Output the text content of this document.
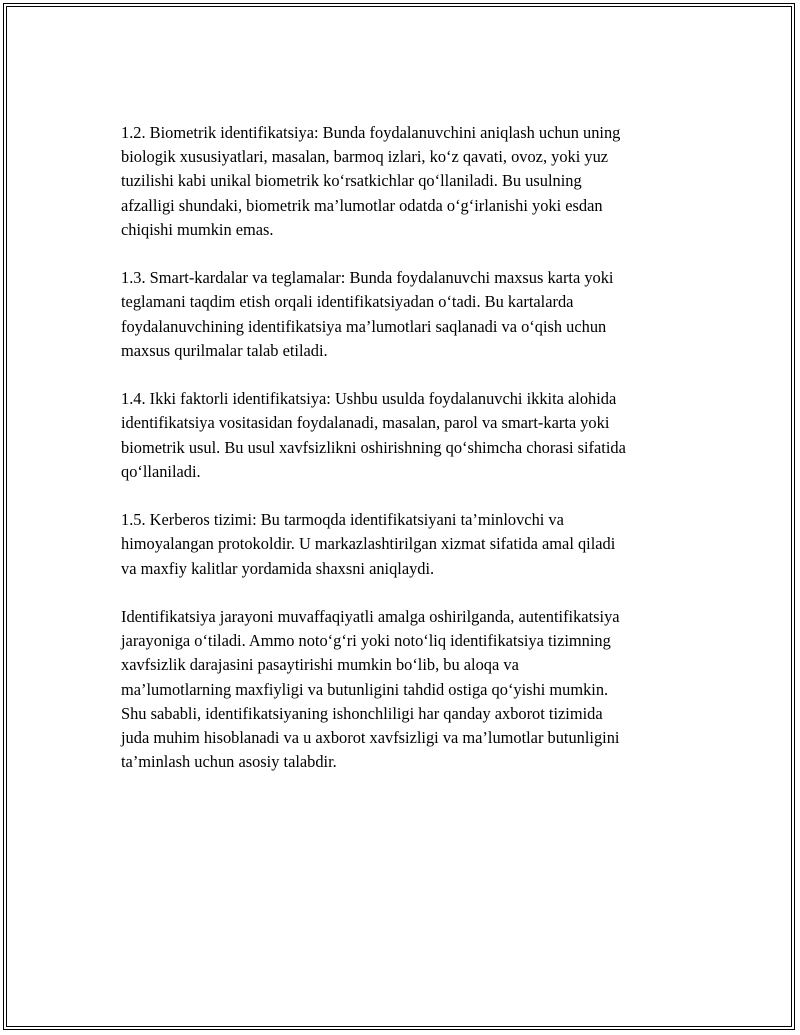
1.2. Biometrik identifikatsiya: Bunda foydalanuvchini aniqlash uchun uning
biologik xususiyatlari, masalan, barmoq izlari, ko‘z qavati, ovoz, yoki yuz
tuzilishi kabi unikal biometrik ko‘rsatkichlar qo‘llaniladi. Bu usulning
afzalligi shundaki, biometrik ma’lumotlar odatda o‘g‘irlanishi yoki esdan
chiqishi mumkin emas.

1.3. Smart-kardalar va teglamalar: Bunda foydalanuvchi maxsus karta yoki
teglamani taqdim etish orqali identifikatsiyadan o‘tadi. Bu kartalarda
foydalanuvchining identifikatsiya ma’lumotlari saqlanadi va o‘qish uchun
maxsus qurilmalar talab etiladi.

1.4. Ikki faktorli identifikatsiya: Ushbu usulda foydalanuvchi ikkita alohida
identifikatsiya vositasidan foydalanadi, masalan, parol va smart-karta yoki
biometrik usul. Bu usul xavfsizlikni oshirishning qo‘shimcha chorasi sifatida
qo‘llaniladi.

1.5. Kerberos tizimi: Bu tarmoqda identifikatsiyani ta’minlovchi va
himoyalangan protokoldir. U markazlashtirilgan xizmat sifatida amal qiladi
va maxfiy kalitlar yordamida shaxsni aniqlaydi.

Identifikatsiya jarayoni muvaffaqiyatli amalga oshirilganda, autentifikatsiya
jarayoniga o‘tiladi. Ammo noto‘g‘ri yoki noto‘liq identifikatsiya tizimning
xavfsizlik darajasini pasaytirishi mumkin bo‘lib, bu aloqa va
ma’lumotlarning maxfiyligi va butunligini tahdid ostiga qo‘yishi mumkin.
Shu sababli, identifikatsiyaning ishonchliligi har qanday axborot tizimida
juda muhim hisoblanadi va u axborot xavfsizligi va ma’lumotlar butunligini
ta’minlash uchun asosiy talabdir.
